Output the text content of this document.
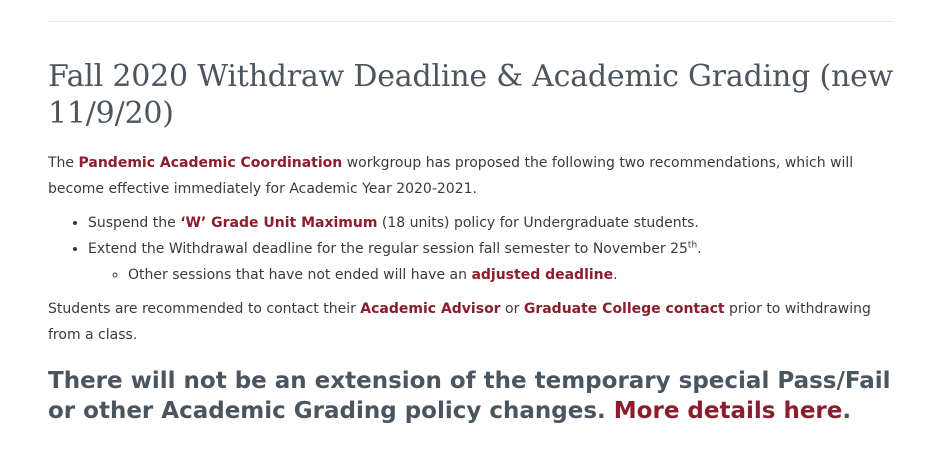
Fall 2020 Withdraw Deadline & Academic Grading (new 11/9/20)

The Pandemic Academic Coordination workgroup has proposed the following two recommendations, which will become effective immediately for Academic Year 2020-2021.

• Suspend the ‘W’ Grade Unit Maximum (18 units) policy for Undergraduate students.
• Extend the Withdrawal deadline for the regular session fall semester to November 25th.
◦ Other sessions that have not ended will have an adjusted deadline.

Students are recommended to contact their Academic Advisor or Graduate College contact prior to withdrawing from a class.

There will not be an extension of the temporary special Pass/Fail or other Academic Grading policy changes. More details here.
